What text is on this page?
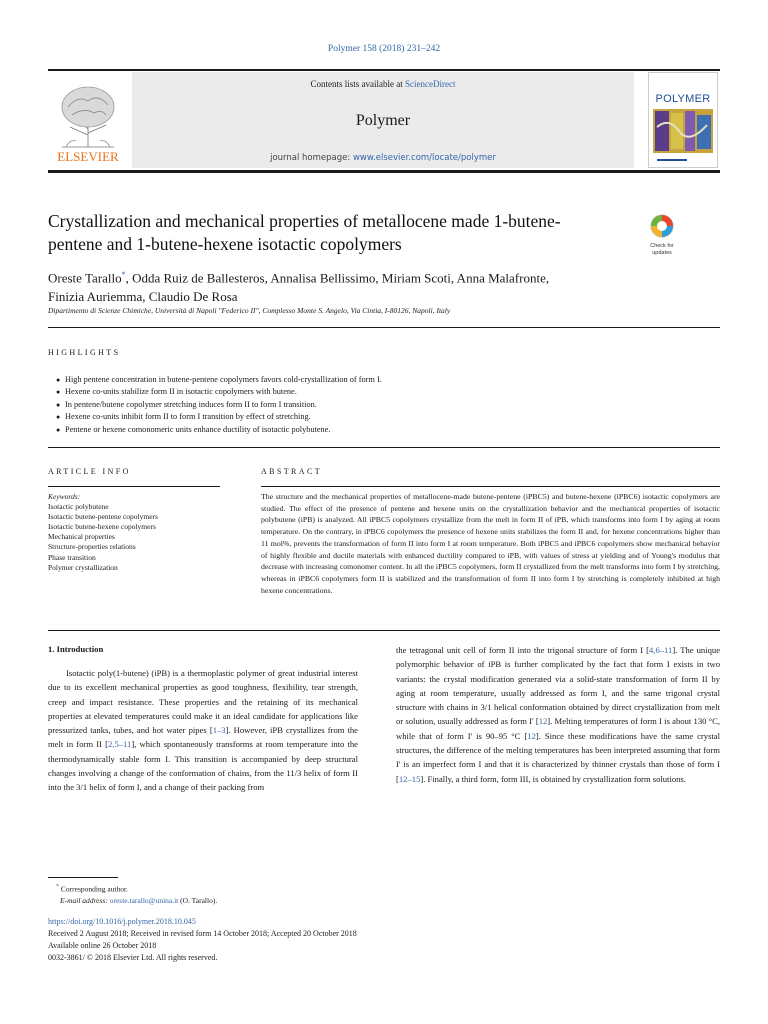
Polymer 158 (2018) 231–242
ELSEVIER
Contents lists available at ScienceDirect
Polymer
journal homepage: www.elsevier.com/locate/polymer
POLYMER
Crystallization and mechanical properties of metallocene made 1-butene-
pentene and 1-butene-hexene isotactic copolymers	Check for
updates
Oreste Tarallo*, Odda Ruiz de Ballesteros, Annalisa Bellissimo, Miriam Scoti, Anna Malafronte,
Finizia Auriemma, Claudio De Rosa
Dipartimento di Scienze Chimiche, Università di Napoli "Federico II", Complesso Monte S. Angelo, Via Cintia, I-80126, Napoli, Italy
HIGHLIGHTS
● High pentene concentration in butene-pentene copolymers favors cold-crystallization of form I.
● Hexene co-units stabilize form II in isotactic copolymers with butene.
● In pentene/butene copolymer stretching induces form II to form I transition.
● Hexene co-units inhibit form II to form I transition by effect of stretching.
● Pentene or hexene comonomeric units enhance ductility of isotactic polybutene.
ARTICLE INFO	ABSTRACT
Keywords:
Isotactic polybutene
Isotactic butene-pentene copolymers
Isotactic butene-hexene copolymers
Mechanical properties
Structure-properties relations
Phase transition
Polymer crystallization
The structure and the mechanical properties of metallocene-made butene-pentene (iPBC5) and butene-hexene (iPBC6) isotactic copolymers are studied. The effect of the presence of pentene and hexene units on the crystallization behavior and the mechanical properties of isotactic polybutene (iPB) is analyzed. All iPBC5 copolymers crystallize from the melt in form II of iPB, which transforms into form I by aging at room temperature. On the contrary, in iPBC6 copolymers the presence of hexene units stabilizes the form II and, for hexene concentrations higher than 11 mol%, prevents the transformation of form II into form I at room temperature. Both iPBC5 and iPBC6 copolymers show mechanical behavior of highly flexible and ductile materials with enhanced ductility compared to iPB, with values of stress at yielding and of Young's modulus that decrease with increasing comonomer content. In all the iPBC5 copolymers, form II crystallized from the melt transforms into form I by stretching, whereas in iPBC6 copolymers form II is stabilized and the transformation of form II into form I by stretching is completely inhibited at high hexene concentrations.
1. Introduction

Isotactic poly(1-butene) (iPB) is a thermoplastic polymer of great industrial interest due to its excellent mechanical properties as good toughness, flexibility, tear strength, creep and impact resistance. These properties and the retaining of its mechanical properties at elevated temperatures could make it an ideal candidate for applications like pressurized tanks, tubes, and hot water pipes [1–3]. However, iPB crystallizes from the melt in form II [2,5–11], which spontaneously transforms at room temperature into the thermodynamically stable form I. This transition is accompanied by deep structural changes involving a change of the conformation of chains, from the 11/3 helix of form II into the 3/1 helix of form I, and a change of their packing from

the tetragonal unit cell of form II into the trigonal structure of form I [4,6–11]. The unique polymorphic behavior of iPB is further complicated by the fact that form I exists in two variants: the crystal modification generated via a solid-state transformation of form II by aging at room temperature, usually addressed as form I, and the same trigonal crystal structure with chains in 3/1 helical conformation obtained by direct crystallization from melt or solution, usually addressed as form I' [12]. Melting temperatures of form I is about 130 °C, while that of form I' is 90–95 °C [12]. Since these modifications have the same crystal structures, the difference of the melting temperatures has been interpreted assuming that form I' is an imperfect form I and that it is characterized by thinner crystals than those of form I [12–15]. Finally, a third form, form III, is obtained by crystallization form solutions.

* Corresponding author.
E-mail address: oreste.tarallo@unina.it (O. Tarallo).
https://doi.org/10.1016/j.polymer.2018.10.045
Received 2 August 2018; Received in revised form 14 October 2018; Accepted 20 October 2018
Available online 26 October 2018
0032-3861/ © 2018 Elsevier Ltd. All rights reserved.
